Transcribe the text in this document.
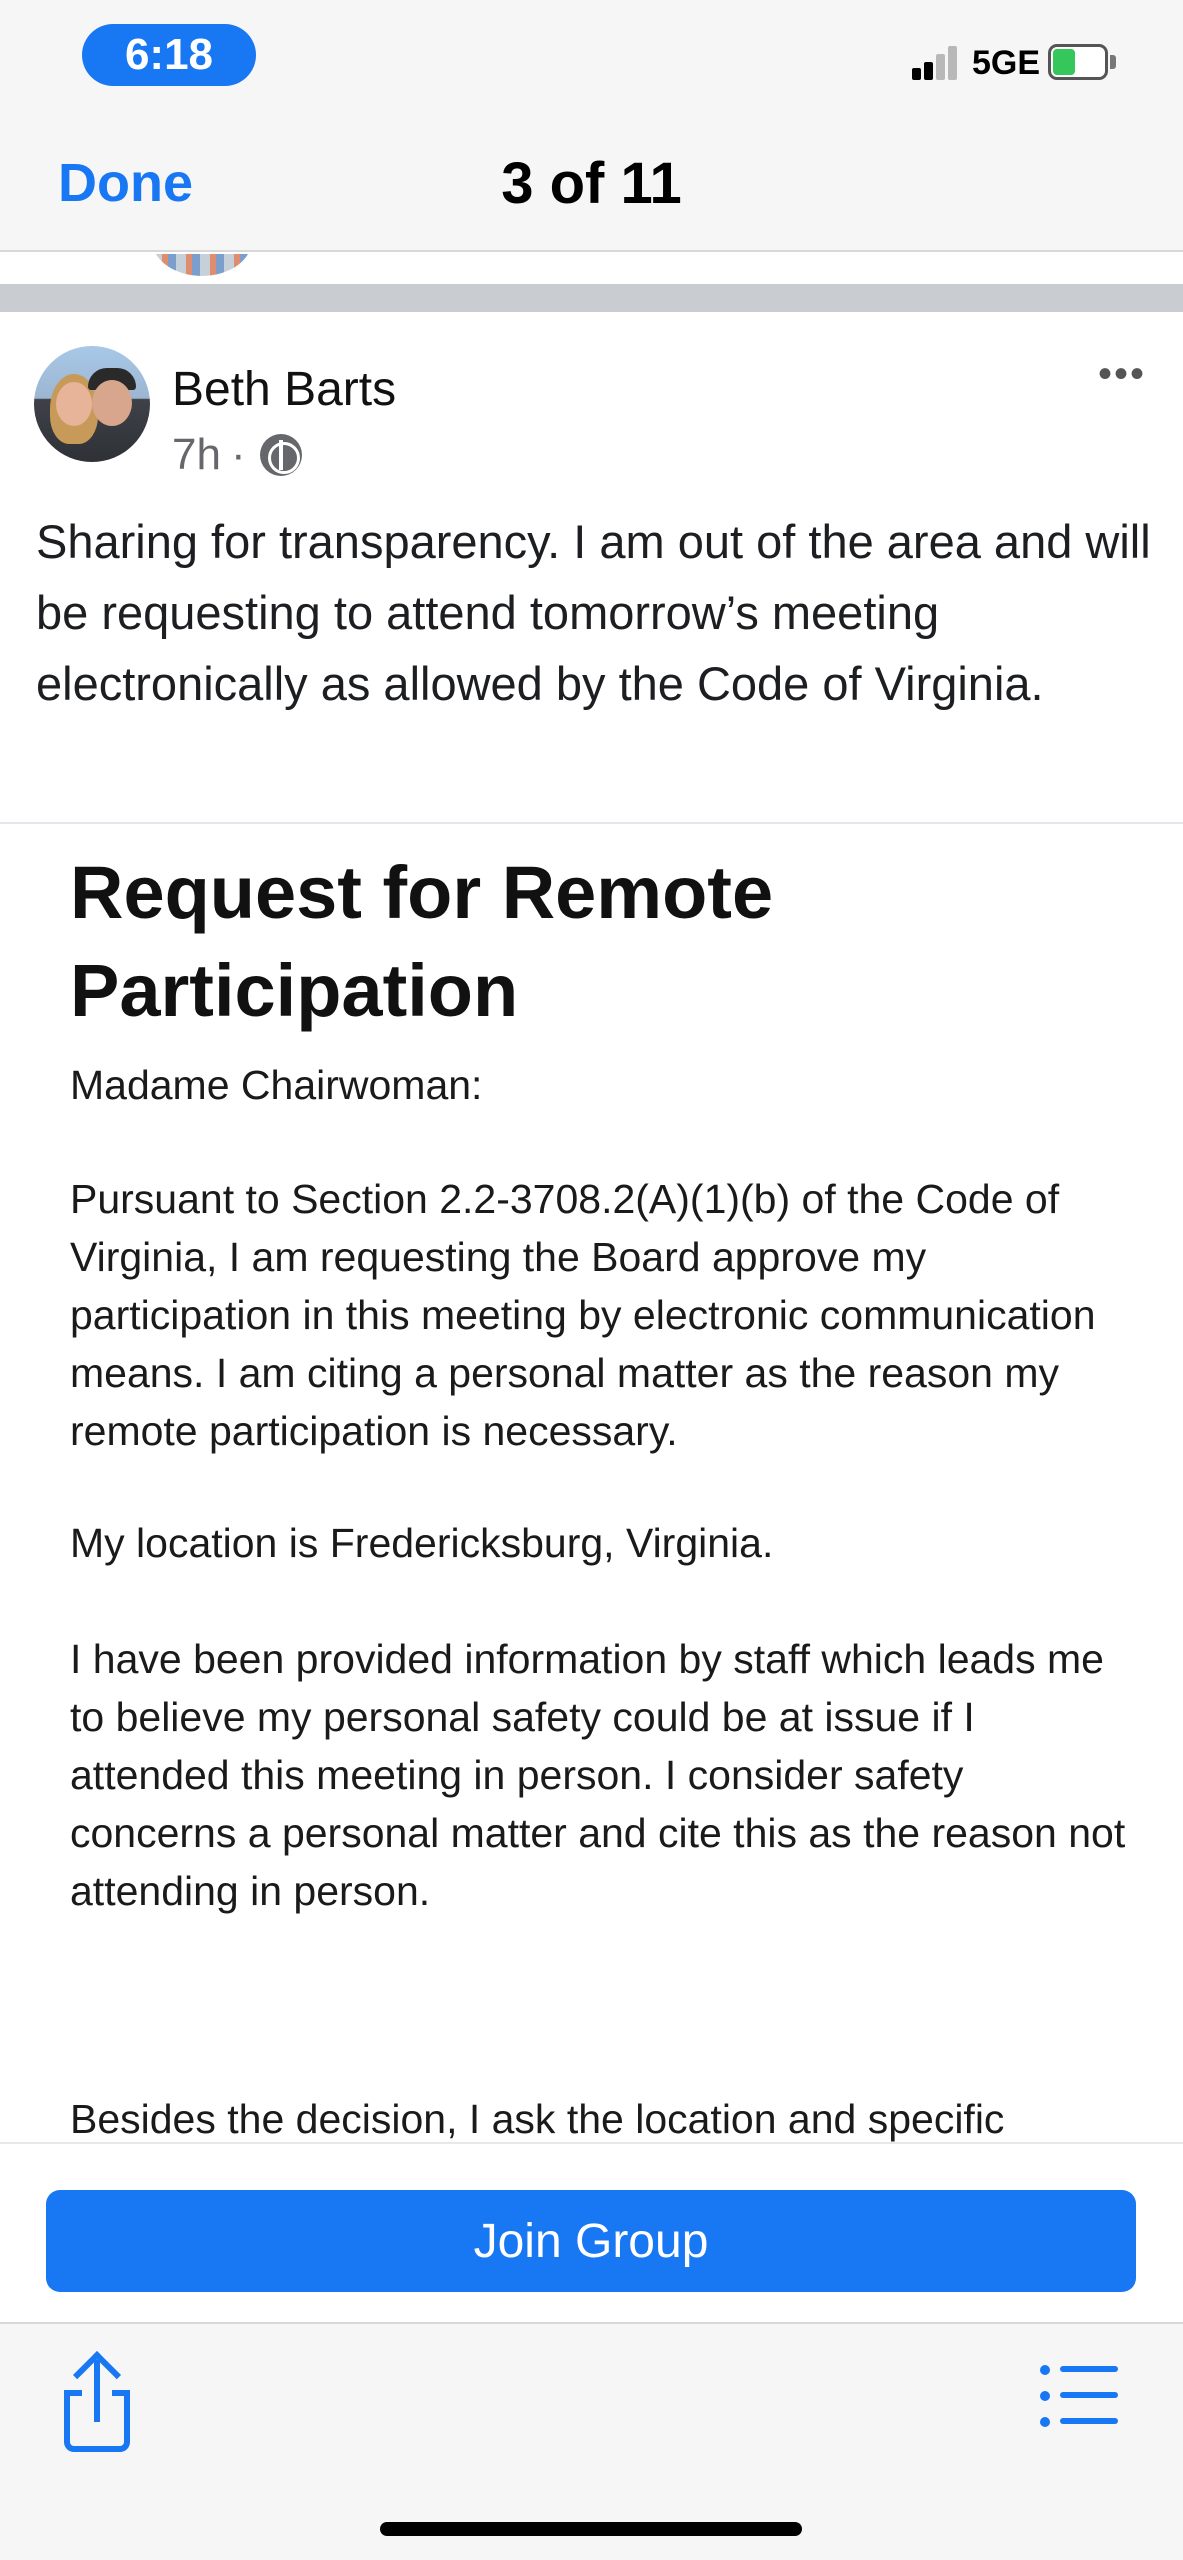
6:18	5GE
Done	3 of 11
Beth Barts
7h ·
•••
Sharing for transparency. I am out of the area and will be requesting to attend tomorrow’s meeting electronically as allowed by the Code of Virginia.
Request for Remote Participation
Madame Chairwoman:
Pursuant to Section 2.2-3708.2(A)(1)(b) of the Code of Virginia, I am requesting the Board approve my participation in this meeting by electronic communication means. I am citing a personal matter as the reason my remote participation is necessary.
My location is Fredericksburg, Virginia.
I have been provided information by staff which leads me to believe my personal safety could be at issue if I attended this meeting in person. I consider safety concerns a personal matter and cite this as the reason not attending in person.
Besides the decision, I ask the location and specific
Join Group
